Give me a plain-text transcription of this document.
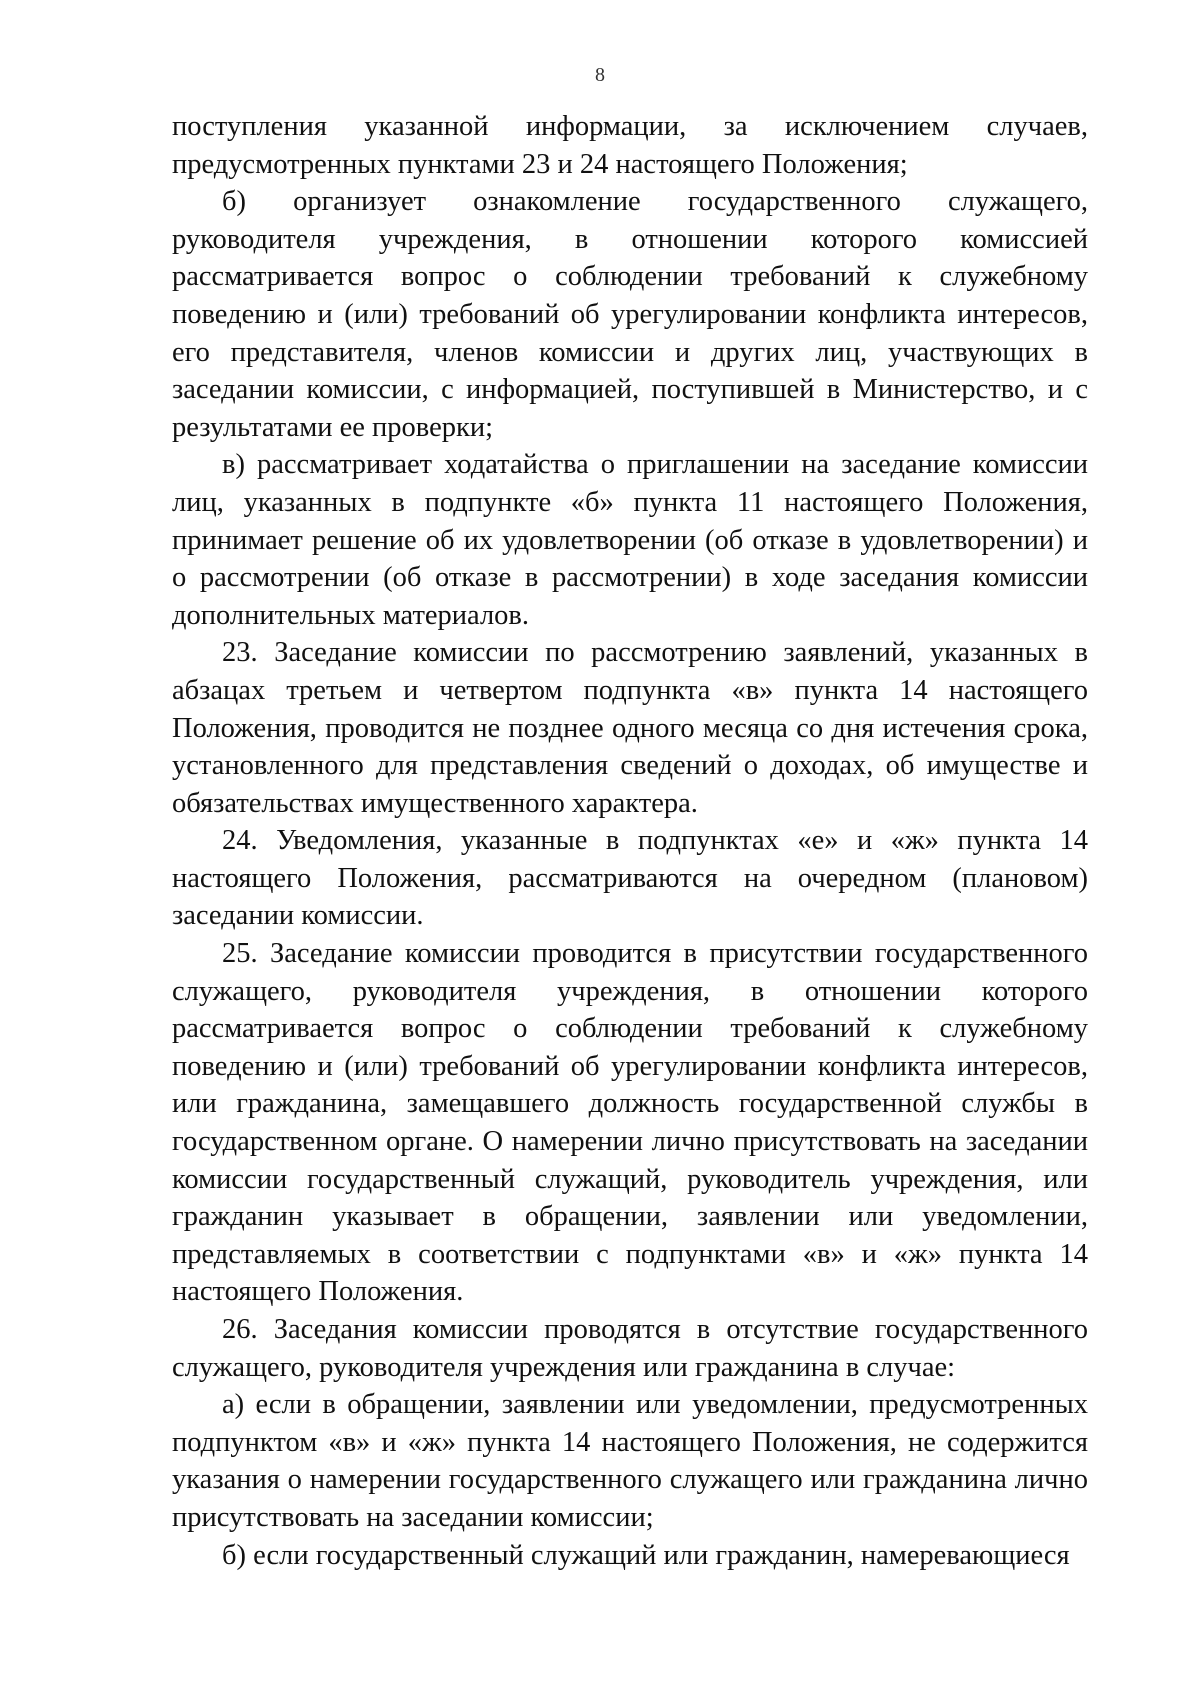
8

поступления указанной информации, за исключением случаев, предусмотренных пунктами 23 и 24 настоящего Положения;

б) организует ознакомление государственного служащего, руководителя учреждения, в отношении которого комиссией рассматривается вопрос о соблюдении требований к служебному поведению и (или) требований об урегулировании конфликта интересов, его представителя, членов комиссии и других лиц, участвующих в заседании комиссии, с информацией, поступившей в Министерство, и с результатами ее проверки;

в) рассматривает ходатайства о приглашении на заседание комиссии лиц, указанных в подпункте «б» пункта 11 настоящего Положения, принимает решение об их удовлетворении (об отказе в удовлетворении) и о рассмотрении (об отказе в рассмотрении) в ходе заседания комиссии дополнительных материалов.

23. Заседание комиссии по рассмотрению заявлений, указанных в абзацах третьем и четвертом подпункта «в» пункта 14 настоящего Положения, проводится не позднее одного месяца со дня истечения срока, установленного для представления сведений о доходах, об имуществе и обязательствах имущественного характера.

24. Уведомления, указанные в подпунктах «е» и «ж» пункта 14 настоящего Положения, рассматриваются на очередном (плановом) заседании комиссии.

25. Заседание комиссии проводится в присутствии государственного служащего, руководителя учреждения, в отношении которого рассматривается вопрос о соблюдении требований к служебному поведению и (или) требований об урегулировании конфликта интересов, или гражданина, замещавшего должность государственной службы в государственном органе. О намерении лично присутствовать на заседании комиссии государственный служащий, руководитель учреждения, или гражданин указывает в обращении, заявлении или уведомлении, представляемых в соответствии с подпунктами «в» и «ж» пункта 14 настоящего Положения.

26. Заседания комиссии проводятся в отсутствие государственного служащего, руководителя учреждения или гражданина в случае:

а) если в обращении, заявлении или уведомлении, предусмотренных подпунктом «в» и «ж» пункта 14 настоящего Положения, не содержится указания о намерении государственного служащего или гражданина лично присутствовать на заседании комиссии;

б) если государственный служащий или гражданин, намеревающиеся
